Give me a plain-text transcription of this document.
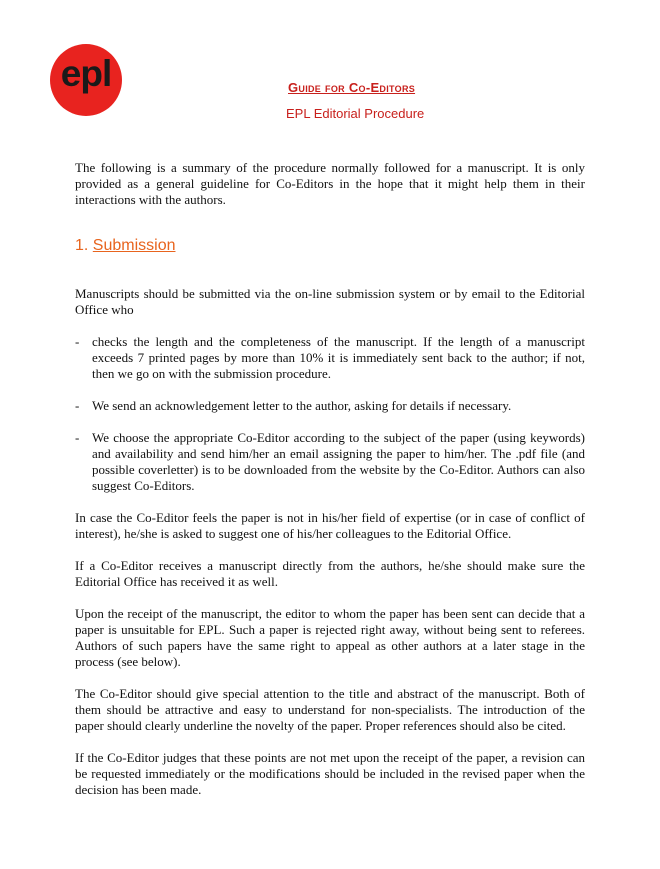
epl	Guide for Co-Editors
EPL Editorial Procedure

The following is a summary of the procedure normally followed for a manuscript. It is only provided as a general guideline for Co-Editors in the hope that it might help them in their interactions with the authors.

1. Submission

Manuscripts should be submitted via the on-line submission system or by email to the Editorial Office who

- checks the length and the completeness of the manuscript. If the length of a manuscript exceeds 7 printed pages by more than 10% it is immediately sent back to the author; if not, then we go on with the submission procedure.
- We send an acknowledgement letter to the author, asking for details if necessary.
- We choose the appropriate Co-Editor according to the subject of the paper (using keywords) and availability and send him/her an email assigning the paper to him/her. The .pdf file (and possible coverletter) is to be downloaded from the website by the Co-Editor. Authors can also suggest Co-Editors.

In case the Co-Editor feels the paper is not in his/her field of expertise (or in case of conflict of interest), he/she is asked to suggest one of his/her colleagues to the Editorial Office.

If a Co-Editor receives a manuscript directly from the authors, he/she should make sure the Editorial Office has received it as well.

Upon the receipt of the manuscript, the editor to whom the paper has been sent can decide that a paper is unsuitable for EPL. Such a paper is rejected right away, without being sent to referees. Authors of such papers have the same right to appeal as other authors at a later stage in the process (see below).

The Co-Editor should give special attention to the title and abstract of the manuscript. Both of them should be attractive and easy to understand for non-specialists. The introduction of the paper should clearly underline the novelty of the paper. Proper references should also be cited.

If the Co-Editor judges that these points are not met upon the receipt of the paper, a revision can be requested immediately or the modifications should be included in the revised paper when the decision has been made.
